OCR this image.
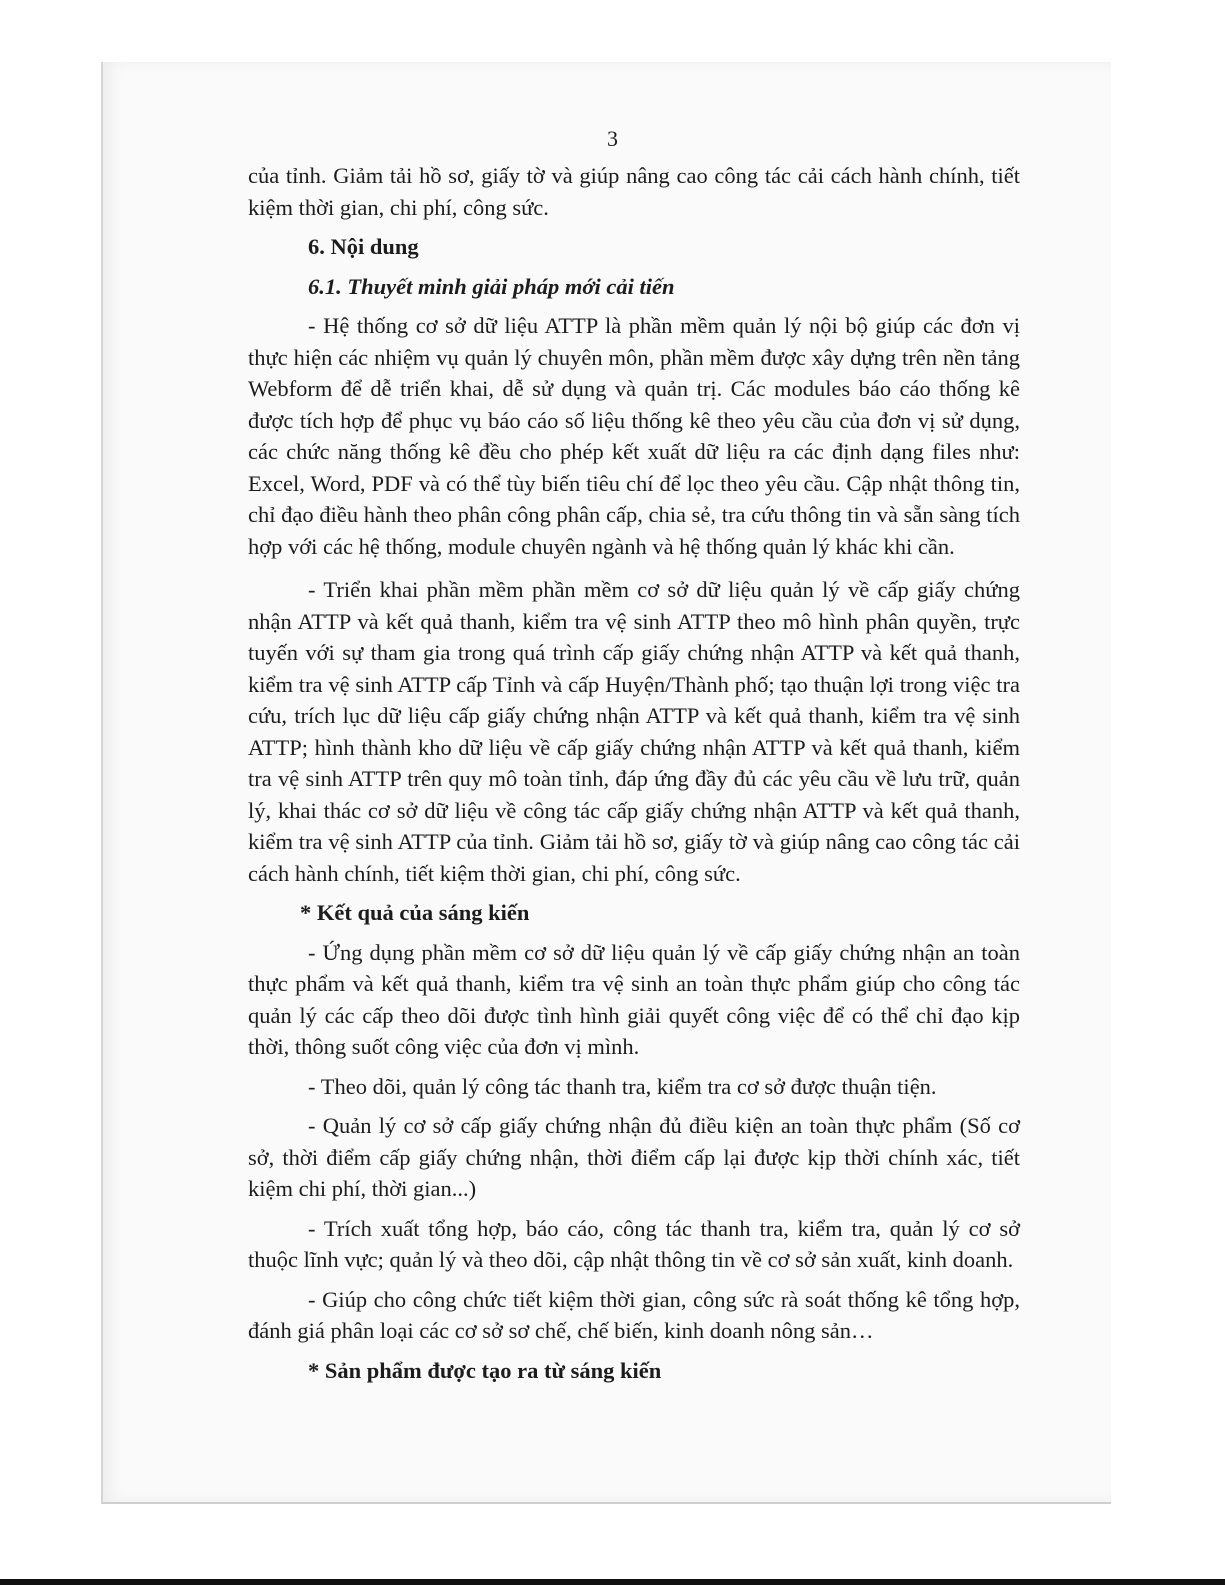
3

của tỉnh. Giảm tải hồ sơ, giấy tờ và giúp nâng cao công tác cải cách hành chính, tiết kiệm thời gian, chi phí, công sức.

6. Nội dung

6.1. Thuyết minh giải pháp mới cải tiến

- Hệ thống cơ sở dữ liệu ATTP là phần mềm quản lý nội bộ giúp các đơn vị thực hiện các nhiệm vụ quản lý chuyên môn, phần mềm được xây dựng trên nền tảng Webform để dễ triển khai, dễ sử dụng và quản trị. Các modules báo cáo thống kê được tích hợp để phục vụ báo cáo số liệu thống kê theo yêu cầu của đơn vị sử dụng, các chức năng thống kê đều cho phép kết xuất dữ liệu ra các định dạng files như: Excel, Word, PDF và có thể tùy biến tiêu chí để lọc theo yêu cầu. Cập nhật thông tin, chỉ đạo điều hành theo phân công phân cấp, chia sẻ, tra cứu thông tin và sẵn sàng tích hợp với các hệ thống, module chuyên ngành và hệ thống quản lý khác khi cần.

- Triển khai phần mềm phần mềm cơ sở dữ liệu quản lý về cấp giấy chứng nhận ATTP và kết quả thanh, kiểm tra vệ sinh ATTP theo mô hình phân quyền, trực tuyến với sự tham gia trong quá trình cấp giấy chứng nhận ATTP và kết quả thanh, kiểm tra vệ sinh ATTP cấp Tỉnh và cấp Huyện/Thành phố; tạo thuận lợi trong việc tra cứu, trích lục dữ liệu cấp giấy chứng nhận ATTP và kết quả thanh, kiểm tra vệ sinh ATTP; hình thành kho dữ liệu về cấp giấy chứng nhận ATTP và kết quả thanh, kiểm tra vệ sinh ATTP trên quy mô toàn tỉnh, đáp ứng đầy đủ các yêu cầu về lưu trữ, quản lý, khai thác cơ sở dữ liệu về công tác cấp giấy chứng nhận ATTP và kết quả thanh, kiểm tra vệ sinh ATTP của tỉnh. Giảm tải hồ sơ, giấy tờ và giúp nâng cao công tác cải cách hành chính, tiết kiệm thời gian, chi phí, công sức.

* Kết quả của sáng kiến

- Ứng dụng phần mềm cơ sở dữ liệu quản lý về cấp giấy chứng nhận an toàn thực phẩm và kết quả thanh, kiểm tra vệ sinh an toàn thực phẩm giúp cho công tác quản lý các cấp theo dõi được tình hình giải quyết công việc để có thể chỉ đạo kịp thời, thông suốt công việc của đơn vị mình.

- Theo dõi, quản lý công tác thanh tra, kiểm tra cơ sở được thuận tiện.

- Quản lý cơ sở cấp giấy chứng nhận đủ điều kiện an toàn thực phẩm (Số cơ sở, thời điểm cấp giấy chứng nhận, thời điểm cấp lại được kịp thời chính xác, tiết kiệm chi phí, thời gian...)

- Trích xuất tổng hợp, báo cáo, công tác thanh tra, kiểm tra, quản lý cơ sở thuộc lĩnh vực; quản lý và theo dõi, cập nhật thông tin về cơ sở sản xuất, kinh doanh.

- Giúp cho công chức tiết kiệm thời gian, công sức rà soát thống kê tổng hợp, đánh giá phân loại các cơ sở sơ chế, chế biến, kinh doanh nông sản…

* Sản phẩm được tạo ra từ sáng kiến
